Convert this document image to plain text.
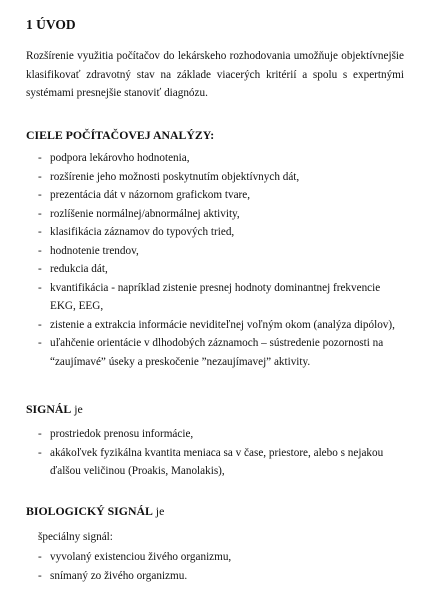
1 ÚVOD
Rozšírenie využitia počítačov do lekárskeho rozhodovania umožňuje objektívnejšie klasifikovať zdravotný stav na základe viacerých kritérií a spolu s expertnými systémami presnejšie stanoviť diagnózu.
CIELE POČÍTAČOVEJ ANALÝZY:
- podpora lekárovho hodnotenia,
- rozšírenie jeho možnosti poskytnutím objektívnych dát,
- prezentácia dát v názornom grafickom tvare,
- rozlíšenie normálnej/abnormálnej aktivity,
- klasifikácia záznamov do typových tried,
- hodnotenie trendov,
- redukcia dát,
- kvantifikácia - napríklad zistenie presnej hodnoty dominantnej frekvencie EKG, EEG,
- zistenie a extrakcia informácie neviditeľnej voľným okom (analýza dipólov),
- uľahčenie orientácie v dlhodobých záznamoch – sústredenie pozornosti na “zaujímavé” úseky a preskočenie ”nezaujímavej” aktivity.
SIGNÁL je
- prostriedok prenosu informácie,
- akákoľvek fyzikálna kvantita meniaca sa v čase, priestore, alebo s nejakou ďalšou veličinou (Proakis, Manolakis),
BIOLOGICKÝ SIGNÁL je
špeciálny signál:
- vyvolaný existenciou živého organizmu,
- snímaný zo živého organizmu.
